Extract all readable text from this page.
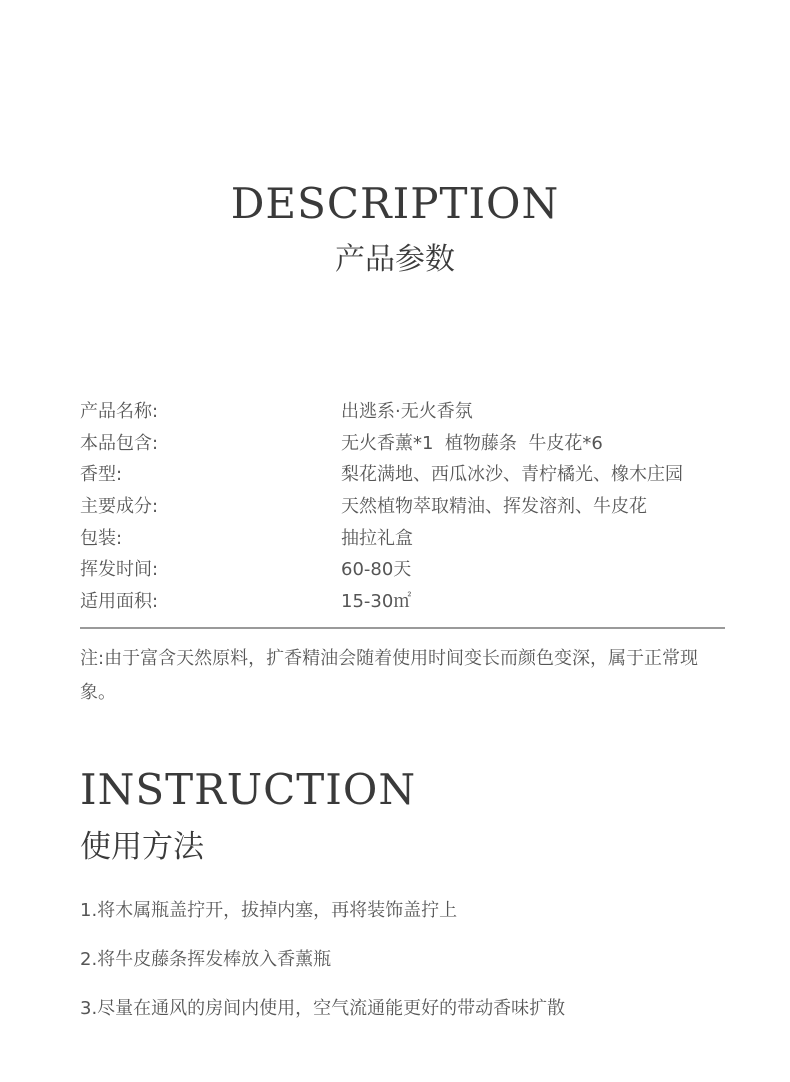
DESCRIPTION
产品参数
产品名称:	出逃系·无火香氛
本品包含:	无火香薰*1  植物藤条  牛皮花*6
香型:	梨花满地、西瓜冰沙、青柠橘光、橡木庄园
主要成分:	天然植物萃取精油、挥发溶剂、牛皮花
包装:	抽拉礼盒
挥发时间:	60-80天
适用面积:	15-30㎡

注:由于富含天然原料，扩香精油会随着使用时间变长而颜色变深，属于正常现象。

INSTRUCTION
使用方法
1.将木属瓶盖拧开，拔掉内塞，再将装饰盖拧上
2.将牛皮藤条挥发棒放入香薰瓶
3.尽量在通风的房间内使用，空气流通能更好的带动香味扩散
